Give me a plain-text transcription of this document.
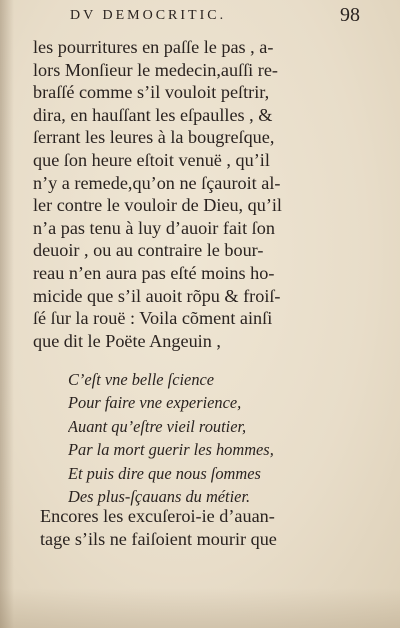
DV DEMOCRITIC.	98
les pourritures en paſſe le pas , a-
lors Monſieur le medecin,auſſi re-
braſſé comme s’il vouloit peſtrir,
dira, en hauſſant les eſpaulles , &
ſerrant les leures à la bougreſque,
que ſon heure eſtoit venuë , qu’il
n’y a remede,qu’on ne ſçauroit al-
ler contre le vouloir de Dieu, qu’il
n’a pas tenu à luy d’auoir fait ſon
deuoir , ou au contraire le bour-
reau n’en aura pas eſté moins ho-
micide que s’il auoit rõpu & froiſ-
ſé ſur la rouë : Voila cõment ainſi
que dit le Poëte Angeuin ,
C’eſt vne belle ſcience
Pour faire vne experience,
Auant qu’eſtre vieil routier,
Par la mort guerir les hommes,
Et puis dire que nous ſommes
Des plus-ſçauans du métier.
Encores les excuſeroi-ie d’auan-
tage s’ils ne faiſoient mourir que
